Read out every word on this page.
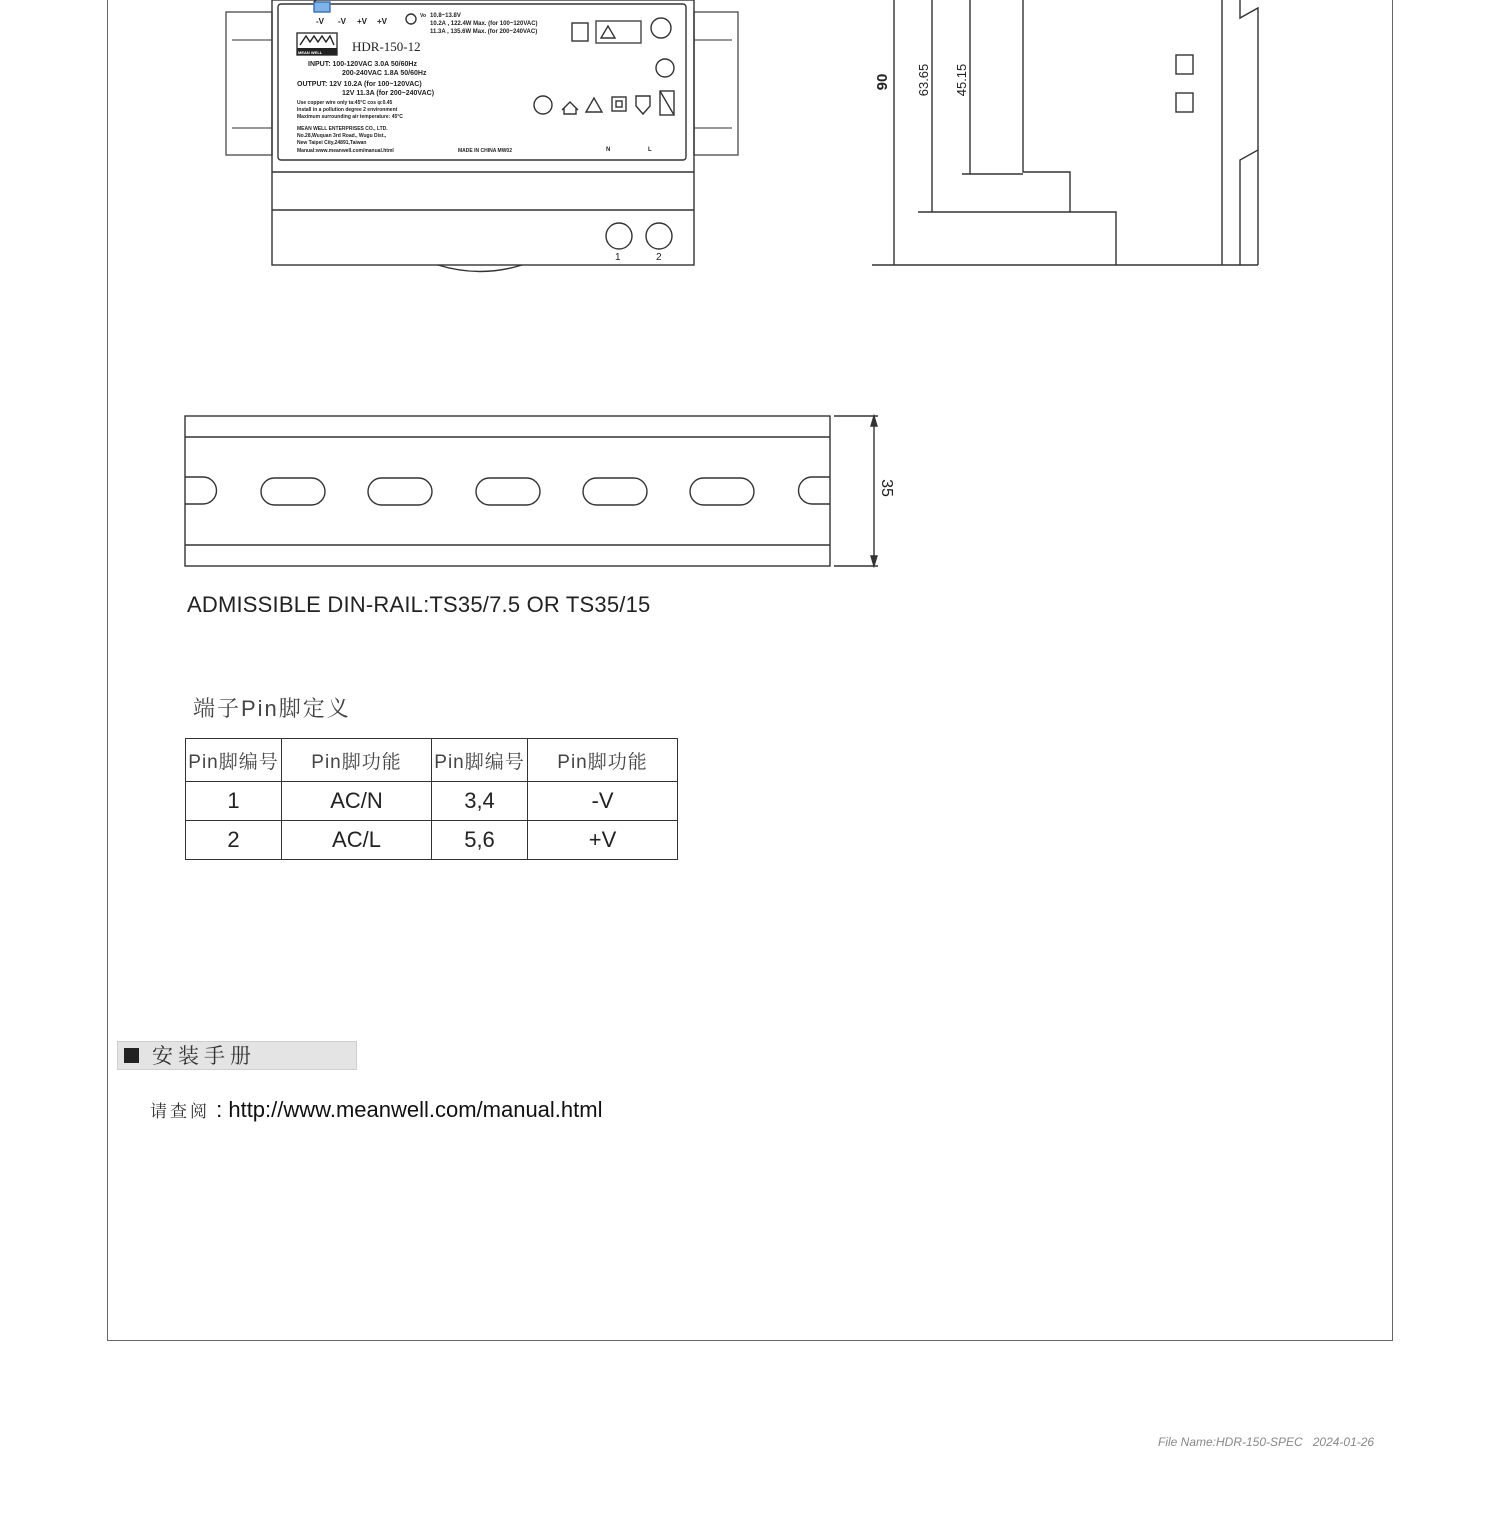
-V -V +V +V
Vo 10.8~13.8V
10.2A , 122.4W Max. (for 100~120VAC)
11.3A , 135.6W Max. (for 200~240VAC)
MEAN WELL HDR-150-12
INPUT: 100-120VAC 3.0A 50/60Hz
200-240VAC 1.8A 50/60Hz
OUTPUT: 12V 10.2A (for 100~120VAC)
12V 11.3A (for 200~240VAC)
Use copper wire only ta:45°C cos φ:0.45
Install in a pollution degree 2 environment
Maximum surrounding air temperature: 45°C
MEAN WELL ENTERPRISES CO., LTD.
No.28,Wuquan 3rd Road., Wugu Dist.,
New Taipei City,24891,Taiwan
Manual:www.meanwell.com/manual.html	MADE IN CHINA MW02	N	L
1	2
90 63.65 45.15
35
ADMISSIBLE DIN-RAIL:TS35/7.5 OR TS35/15
端子Pin脚定义
Pin脚编号	Pin脚功能	Pin脚编号	Pin脚功能
1	AC/N	3,4	-V
2	AC/L	5,6	+V
安装手册
请查阅 : http://www.meanwell.com/manual.html
File Name:HDR-150-SPEC 2024-01-26
